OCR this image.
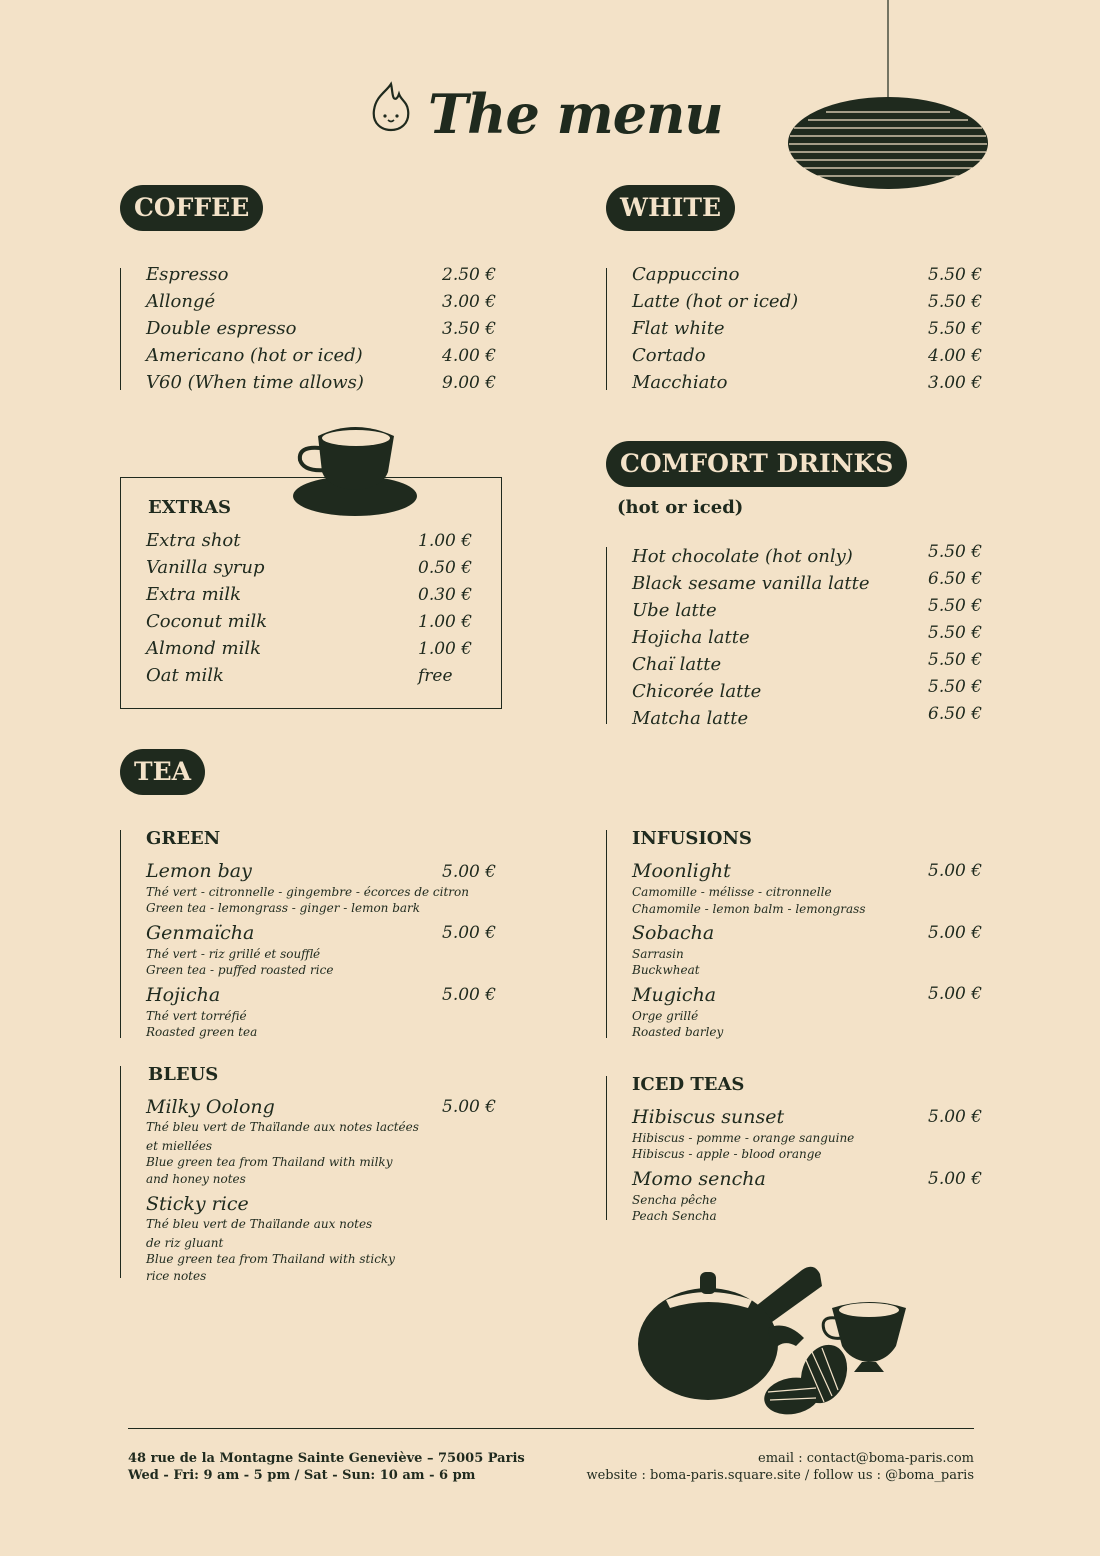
The menu
COFFEE
Espresso	2.50 €
Allongé	3.00 €
Double espresso	3.50 €
Americano (hot or iced)	4.00 €
V60 (When time allows)	9.00 €
WHITE
Cappuccino	5.50 €
Latte (hot or iced)	5.50 €
Flat white	5.50 €
Cortado	4.00 €
Macchiato	3.00 €
EXTRAS
Extra shot	1.00 €
Vanilla syrup	0.50 €
Extra milk	0.30 €
Coconut milk	1.00 €
Almond milk	1.00 €
Oat milk	free
COMFORT DRINKS
(hot or iced)
Hot chocolate (hot only)	5.50 €
Black sesame vanilla latte	6.50 €
Ube latte	5.50 €
Hojicha latte	5.50 €
Chaï latte	5.50 €
Chicorée latte	5.50 €
Matcha latte	6.50 €
TEA
GREEN
Lemon bay	5.00 €
Thé vert - citronnelle - gingembre - écorces de citron
Green tea - lemongrass - ginger - lemon bark
Genmaïcha	5.00 €
Thé vert - riz grillé et soufflé
Green tea - puffed roasted rice
Hojicha	5.00 €
Thé vert torréfié
Roasted green tea
BLEUS
Milky Oolong	5.00 €
Thé bleu vert de Thaïlande aux notes lactées
et miellées
Blue green tea from Thailand with milky
and honey notes
Sticky rice
Thé bleu vert de Thaïlande aux notes
de riz gluant
Blue green tea from Thailand with sticky
rice notes
INFUSIONS
Moonlight	5.00 €
Camomille - mélisse - citronnelle
Chamomile - lemon balm - lemongrass
Sobacha	5.00 €
Sarrasin
Buckwheat
Mugicha	5.00 €
Orge grillé
Roasted barley
ICED TEAS
Hibiscus sunset	5.00 €
Hibiscus - pomme - orange sanguine
Hibiscus - apple - blood orange
Momo sencha	5.00 €
Sencha pêche
Peach Sencha
48 rue de la Montagne Sainte Geneviève – 75005 Paris
Wed - Fri: 9 am - 5 pm / Sat - Sun: 10 am - 6 pm
email : contact@boma-paris.com
website : boma-paris.square.site / follow us : @boma_paris
